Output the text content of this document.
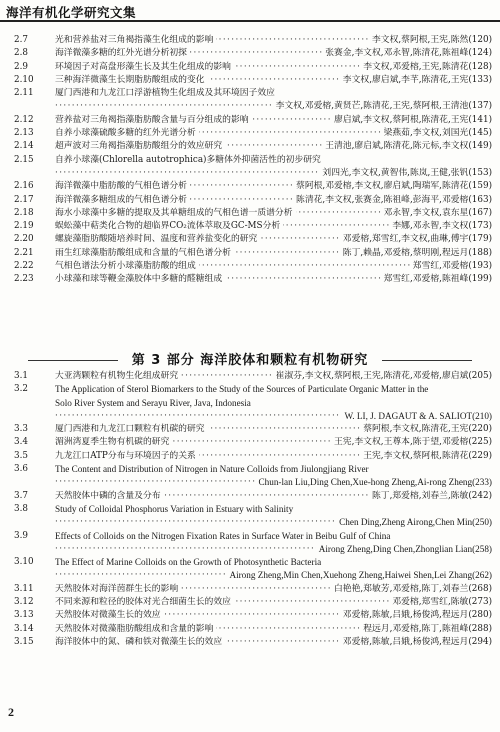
海洋有机化学研究文集
·····
2.7	光和营养盐对三角褐指藻生化组成的影响	李文权,蔡阿根,王宪,陈然(120)
·····
2.8	海洋微藻多糖的红外光谱分析初探	张赛金,李文权,邓永智,陈清花,陈祖峰(124)
·····
2.9	环境因子对高盘形藻生长及其生化组成的影响	李文权,邓爱榕,王宪,陈清花(128)
·····
2.10	三种海洋微藻生长期脂肪酸组成的变化	李文权,廖启斌,李芊,陈清花,王宪(133)
2.11	厦门西港和九龙江口浮游植物生化组成及其环境因子效应
·····
李文权,邓爱榕,黄贤芒,陈清花,王宪,蔡阿根,王清池(137)
·····
2.12	营养盐对三角褐指藻脂肪酸含量与百分组成的影响	廖启斌,李文权,蔡阿根,陈清花,王宪(141)
·····
2.13	自养小球藻硫酸多糖的红外光谱分析	梁燕茹,李文权,刘国光(145)
·····
2.14	超声波对三角褐指藻脂肪酸组分的效应研究	王清池,廖启斌,陈清花,陈元标,李文权(149)
2.15	自养小球藻(Chlorella autotrophica)多糖体外抑菌活性的初步研究
·····
刘四光,李文权,黄智伟,陈岚,王健,张钒(153)
·····
2.16	海洋微藻中脂肪酸的气相色谱分析	蔡阿根,邓爱榕,李文权,廖启斌,陶瑞军,陈清花(159)
·····
2.17	海洋微藻多糖组成的气相色谱分析	陈清花,李文权,张赛金,陈祖峰,彭海平,邓爱榕(163)
·····
2.18	海水小球藻中多糖的提取及其单糖组成的气相色谱一质谱分析	邓永智,李文权,袁东星(167)
·····
2.19	蜈蚣藻中萜类化合物的超临界CO₂流体萃取及GC-MS分析	李娜,邓永智,李文权(173)
·····
2.20	螺旋藻脂肪酸随培养时间、温度和营养盐变化的研究	邓爱榕,郑雪红,李文权,曲琳,傅宇(179)
·····
2.21	雨生红球藻脂肪酸组成和含量的气相色谱分析	陈丁,赖晶,邓爱榕,蔡明刚,程远月(188)
·····
2.22	气相色谱法分析小球藻脂肪酸的组成	郑雪红,邓爱榕(193)
·····
2.23	小球藻和球等鞭金藻胶体中多糖的醛糖组成	郑雪红,邓爱榕,陈祖峰(199)
第 3 部分 海洋胶体和颗粒有机物研究
·····
3.1	大亚湾颗粒有机物生化组成研究	崔淑芬,李文权,蔡阿根,王宪,陈清花,邓爱榕,廖启斌(205)
3.2	The Application of Sterol Biomarkers to the Study of the Sources of Particulate Organic Matter in the
Solo River System and Serayu River, Java, Indonesia
·····
W. LI, J. DAGAUT & A. SALIOT(210)
·····
3.3	厦门西港和九龙江口颗粒有机碳的研究	蔡阿根,李文权,陈清花,王宪(220)
·····
3.4	湄洲湾夏季生物有机碳的研究	王宪,李文权,王尊本,陈于望,邓爱榕(225)
·····
3.5	九龙江口ATP分布与环境因子的关系	王宪,李文权,蔡阿根,陈清花(229)
3.6	The Content and Distribution of Nitrogen in Nature Colloids from Jiulongjiang River
·····
Chun-lan Liu,Ding Chen,Xue-hong Zheng,Ai-rong Zheng(233)
·····
3.7	天然胶体中磷的含量及分布	陈丁,郑爱榕,刘春兰,陈敏(242)
3.8	Study of Colloidal Phosphorus Variation in Estuary with Salinity
·····
Chen Ding,Zheng Airong,Chen Min(250)
3.9	Effects of Colloids on the Nitrogen Fixation Rates in Surface Water in Beibu Gulf of China
·····
Airong Zheng,Ding Chen,Zhonglian Lian(258)
3.10	The Effect of Marine Colloids on the Growth of Photosynthetic Bacteria
·····
Airong Zheng,Min Chen,Xuehong Zheng,Haiwei Shen,Lei Zhang(262)
·····
3.11	天然胶体对海洋茵群生长的影响	白艳艳,郑敏芳,邓爱榕,陈丁,刘春兰(268)
·····
3.12	不同来源和粒径的胶体对光合细菌生长的效应	邓爱榕,郑雪红,陈敏(273)
·····
3.13	天然胶体对微藻生长的效应	邓爱榕,陈敏,吕娥,杨俊鸿,程远月(280)
·····
3.14	天然胶体对微藻脂肪酸组成和含量的影响	程远月,邓爱榕,陈丁,陈祖峰(288)
·····
3.15	海洋胶体中的氮、磷和铁对微藻生长的效应	邓爱榕,陈敏,吕娥,杨俊鸿,程远月(294)
2
